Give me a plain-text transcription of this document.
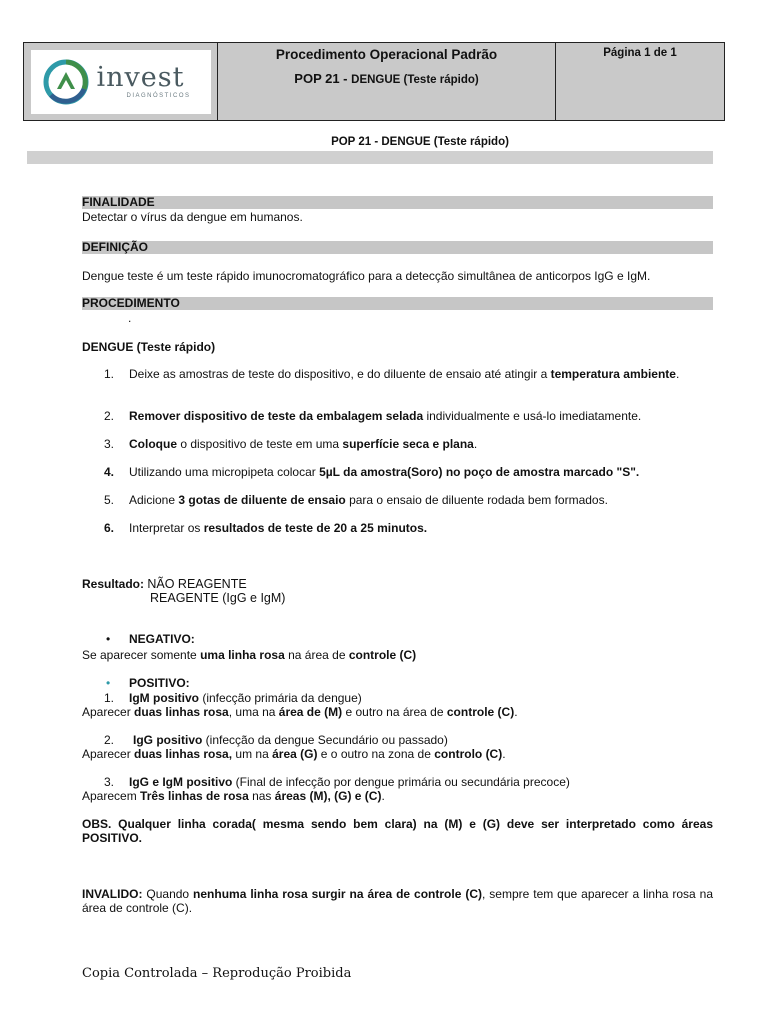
invest
DIAGNÓSTICOS
Procedimento Operacional Padrão
POP 21 - DENGUE (Teste rápido)
Página 1 de 1
POP 21 - DENGUE (Teste rápido)
FINALIDADE
Detectar o vírus da dengue em humanos.
DEFINIÇÃO
Dengue teste é um teste rápido imunocromatográfico para a detecção simultânea de anticorpos IgG e IgM.
PROCEDIMENTO
.
DENGUE (Teste rápido)
1.	Deixe as amostras de teste do dispositivo, e do diluente de ensaio até atingir a temperatura ambiente.
2.	Remover dispositivo de teste da embalagem selada individualmente e usá-lo imediatamente.
3.	Coloque o dispositivo de teste em uma superfície seca e plana.
4.	Utilizando uma micropipeta colocar 5µL da amostra(Soro) no poço de amostra marcado "S".
5.	Adicione 3 gotas de diluente de ensaio para o ensaio de diluente rodada bem formados.
6.	Interpretar os resultados de teste de 20 a 25 minutos.
Resultado: NÃO REAGENTE
REAGENTE (IgG e IgM)
• NEGATIVO:
Se aparecer somente uma linha rosa na área de controle (C)
• POSITIVO:
1.	IgM positivo (infecção primária da dengue)
Aparecer duas linhas rosa, uma na área de (M) e outro na área de controle (C).
2.	IgG positivo (infecção da dengue Secundário ou passado)
Aparecer duas linhas rosa, um na área (G) e o outro na zona de controlo (C).
3.	IgG e IgM positivo (Final de infecção por dengue primária ou secundária precoce)
Aparecem Três linhas de rosa nas áreas (M), (G) e (C).
OBS. Qualquer linha corada( mesma sendo bem clara) na (M) e (G) deve ser interpretado como áreas POSITIVO.
INVALIDO: Quando nenhuma linha rosa surgir na área de controle (C), sempre tem que aparecer a linha rosa na área de controle (C).
Copia Controlada – Reprodução Proibida
